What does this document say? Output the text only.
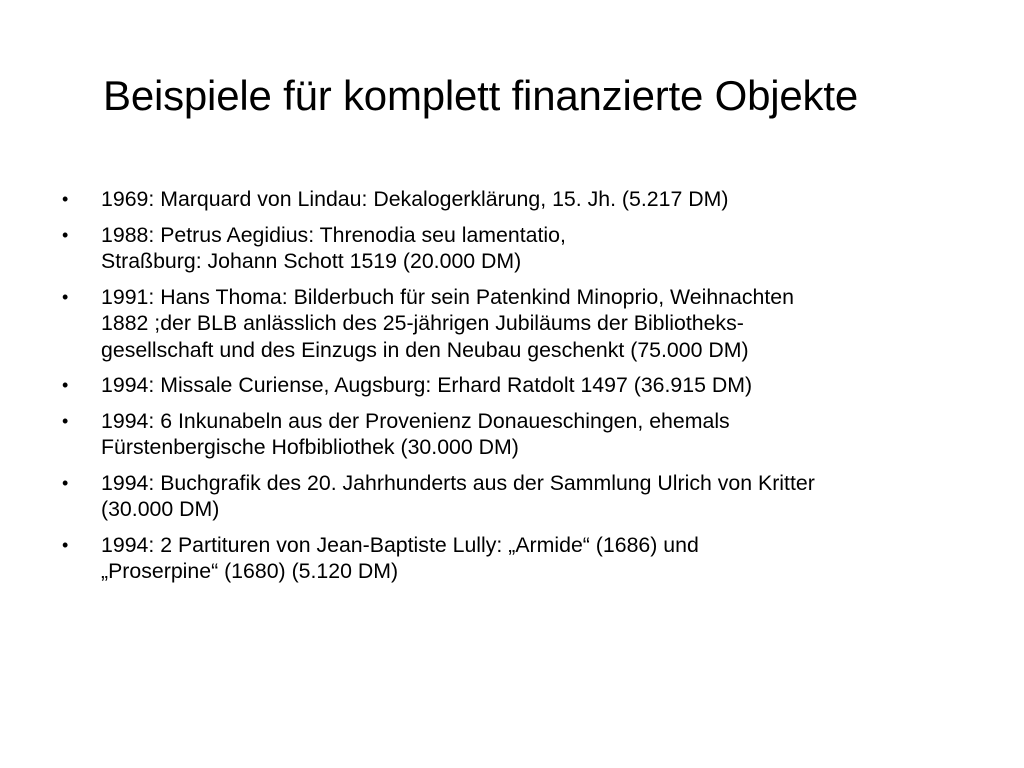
Beispiele für komplett finanzierte Objekte
•	1969: Marquard von Lindau: Dekalogerklärung, 15. Jh. (5.217 DM)
•	1988: Petrus Aegidius: Threnodia seu lamentatio,
Straßburg: Johann Schott 1519 (20.000 DM)
•	1991: Hans Thoma: Bilderbuch für sein Patenkind Minoprio, Weihnachten
1882 ;der BLB anlässlich des 25-jährigen Jubiläums der Bibliotheks-
gesellschaft und des Einzugs in den Neubau geschenkt (75.000 DM)
•	1994: Missale Curiense, Augsburg: Erhard Ratdolt 1497 (36.915 DM)
•	1994: 6 Inkunabeln aus der Provenienz Donaueschingen, ehemals
Fürstenbergische Hofbibliothek (30.000 DM)
•	1994: Buchgrafik des 20. Jahrhunderts aus der Sammlung Ulrich von Kritter
(30.000 DM)
•	1994: 2 Partituren von Jean-Baptiste Lully: „Armide“ (1686) und
„Proserpine“ (1680) (5.120 DM)
